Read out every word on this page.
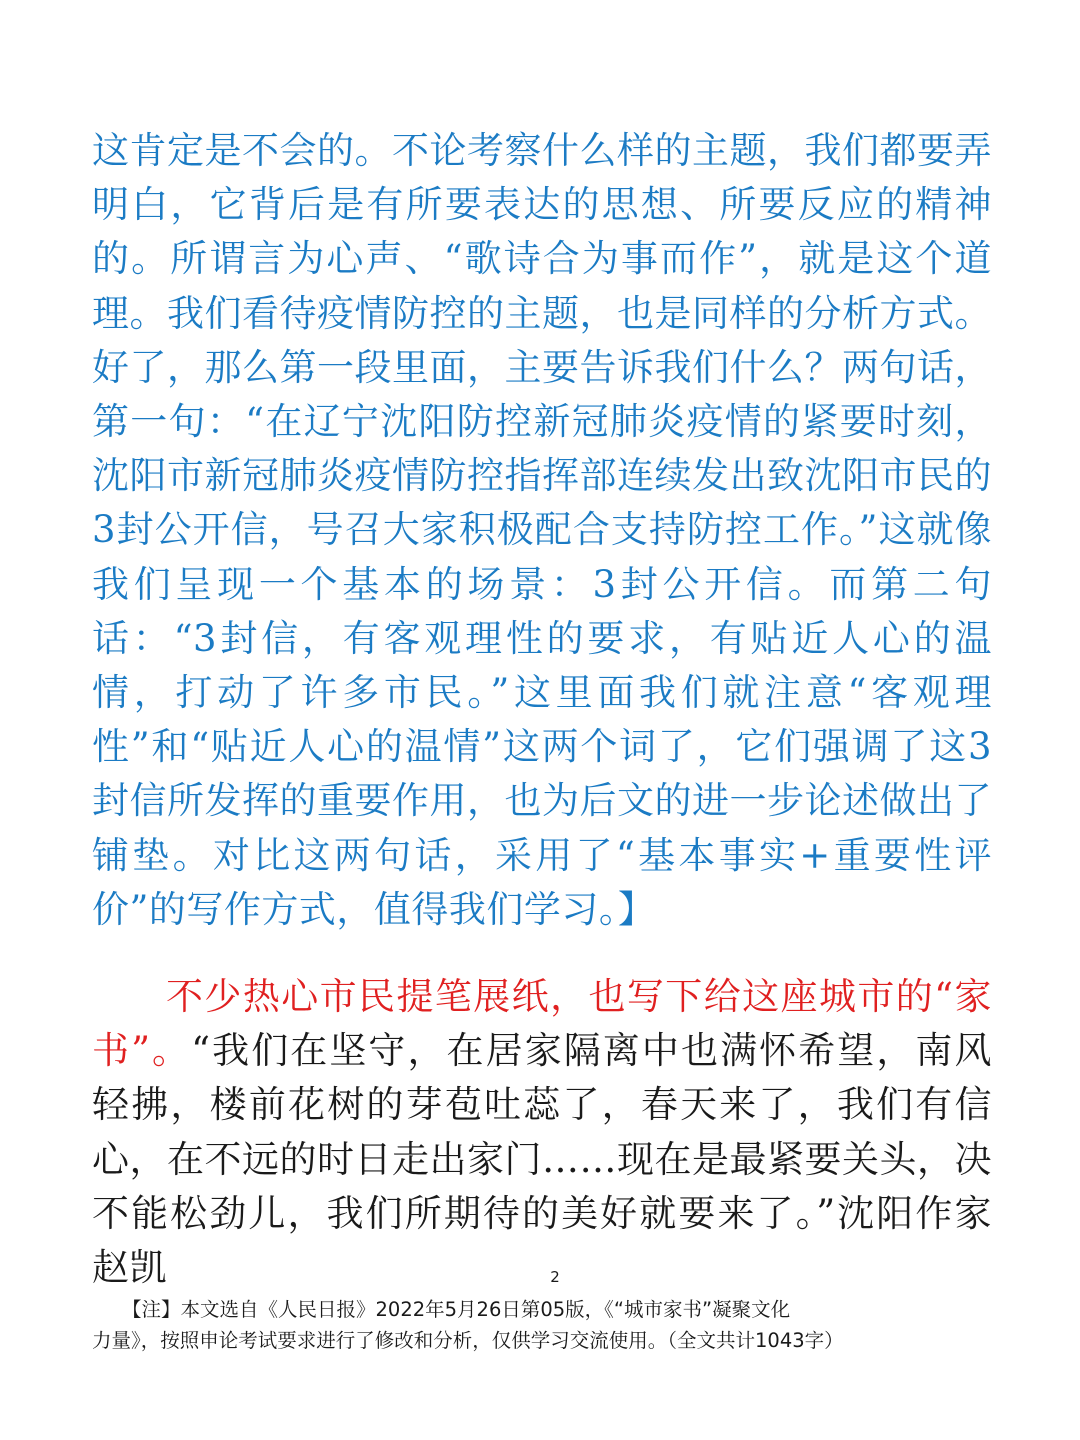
这肯定是不会的。不论考察什么样的主题，我们都要弄明白，它背后是有所要表达的思想、所要反应的精神的。所谓言为心声、“歌诗合为事而作”，就是这个道理。我们看待疫情防控的主题，也是同样的分析方式。好了，那么第一段里面，主要告诉我们什么？两句话，第一句：“在辽宁沈阳防控新冠肺炎疫情的紧要时刻，沈阳市新冠肺炎疫情防控指挥部连续发出致沈阳市民的3封公开信，号召大家积极配合支持防控工作。”这就像我们呈现一个基本的场景：3封公开信。而第二句话：“3封信，有客观理性的要求，有贴近人心的温情，打动了许多市民。”这里面我们就注意“客观理性”和“贴近人心的温情”这两个词了，它们强调了这3封信所发挥的重要作用，也为后文的进一步论述做出了铺垫。对比这两句话，采用了“基本事实+重要性评价”的写作方式，值得我们学习。】

不少热心市民提笔展纸，也写下给这座城市的“家书”。“我们在坚守，在居家隔离中也满怀希望，南风轻拂，楼前花树的芽苞吐蕊了，春天来了，我们有信心，在不远的时日走出家门……现在是最紧要关头，决不能松劲儿，我们所期待的美好就要来了。”沈阳作家赵凯	2
【注】本文选自《人民日报》2022年5月26日第05版，《“城市家书”凝聚文化
力量》，按照申论考试要求进行了修改和分析，仅供学习交流使用。（全文共计1043字）
